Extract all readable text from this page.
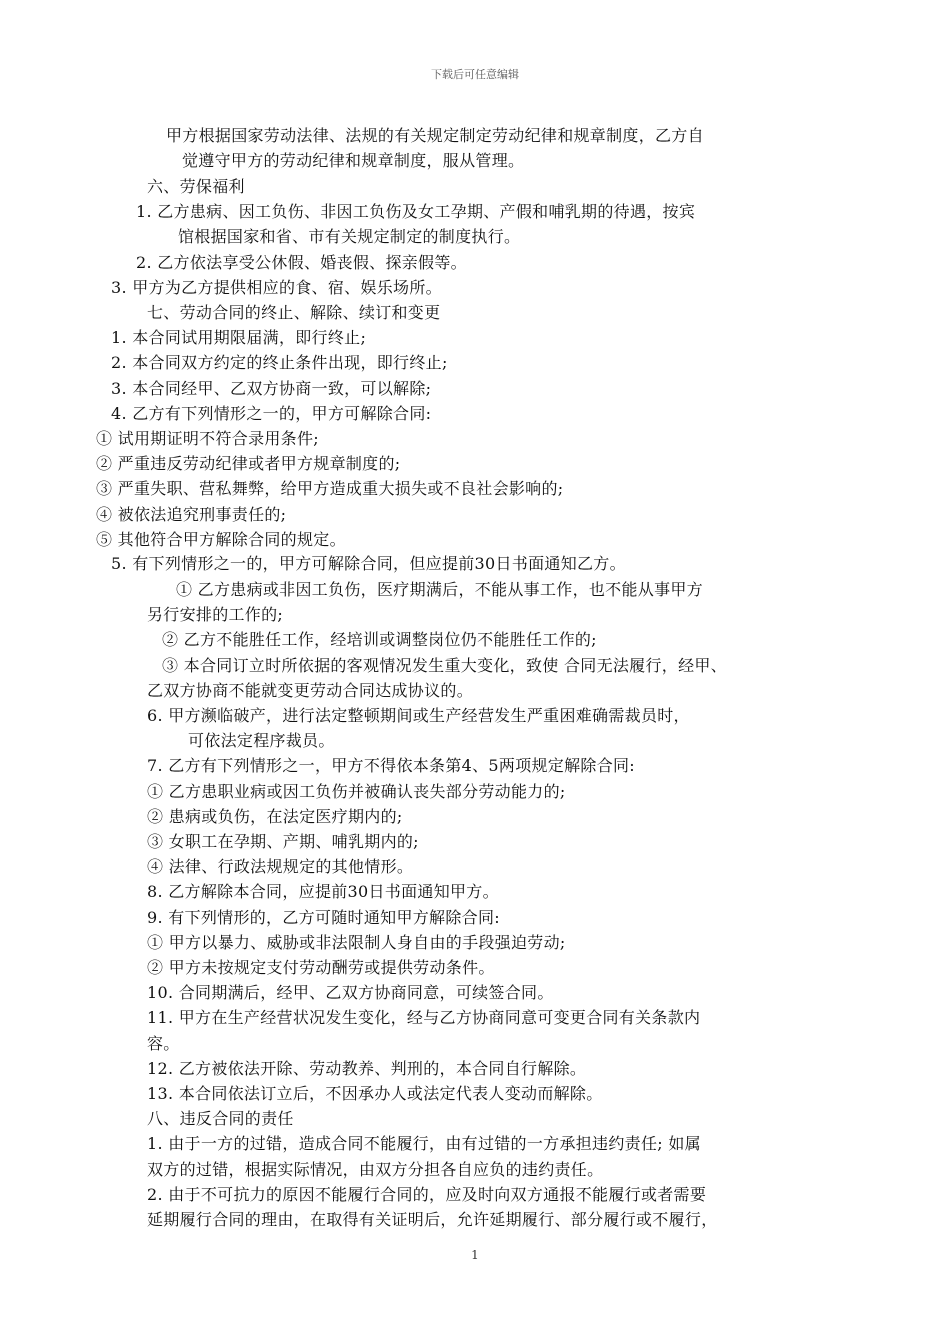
下载后可任意编辑
甲方根据国家劳动法律、法规的有关规定制定劳动纪律和规章制度，乙方自
觉遵守甲方的劳动纪律和规章制度，服从管理。
六、劳保福利
1. 乙方患病、因工负伤、非因工负伤及女工孕期、产假和哺乳期的待遇，按宾
馆根据国家和省、市有关规定制定的制度执行。
2. 乙方依法享受公休假、婚丧假、探亲假等。
3. 甲方为乙方提供相应的食、宿、娱乐场所。
七、劳动合同的终止、解除、续订和变更
1. 本合同试用期限届满，即行终止;
2. 本合同双方约定的终止条件出现，即行终止;
3. 本合同经甲、乙双方协商一致，可以解除;
4. 乙方有下列情形之一的，甲方可解除合同:
① 试用期证明不符合录用条件;
② 严重违反劳动纪律或者甲方规章制度的;
③ 严重失职、营私舞弊，给甲方造成重大损失或不良社会影响的;
④ 被依法追究刑事责任的;
⑤ 其他符合甲方解除合同的规定。
5. 有下列情形之一的，甲方可解除合同，但应提前30日书面通知乙方。
① 乙方患病或非因工负伤，医疗期满后，不能从事工作，也不能从事甲方
另行安排的工作的;
② 乙方不能胜任工作，经培训或调整岗位仍不能胜任工作的;
③ 本合同订立时所依据的客观情况发生重大变化，致使 合同无法履行，经甲、
乙双方协商不能就变更劳动合同达成协议的。
6. 甲方濒临破产，进行法定整顿期间或生产经营发生严重困难确需裁员时，
可依法定程序裁员。
7. 乙方有下列情形之一，甲方不得依本条第4、5两项规定解除合同:
① 乙方患职业病或因工负伤并被确认丧失部分劳动能力的;
② 患病或负伤，在法定医疗期内的;
③ 女职工在孕期、产期、哺乳期内的;
④ 法律、行政法规规定的其他情形。
8. 乙方解除本合同，应提前30日书面通知甲方。
9. 有下列情形的，乙方可随时通知甲方解除合同:
① 甲方以暴力、威胁或非法限制人身自由的手段强迫劳动;
② 甲方未按规定支付劳动酬劳或提供劳动条件。
10. 合同期满后，经甲、乙双方协商同意，可续签合同。
11. 甲方在生产经营状况发生变化，经与乙方协商同意可变更合同有关条款内
容。
12. 乙方被依法开除、劳动教养、判刑的，本合同自行解除。
13. 本合同依法订立后，不因承办人或法定代表人变动而解除。
八、违反合同的责任
1. 由于一方的过错，造成合同不能履行，由有过错的一方承担违约责任; 如属
双方的过错，根据实际情况，由双方分担各自应负的违约责任。
2. 由于不可抗力的原因不能履行合同的，应及时向双方通报不能履行或者需要
延期履行合同的理由，在取得有关证明后，允许延期履行、部分履行或不履行，
1
